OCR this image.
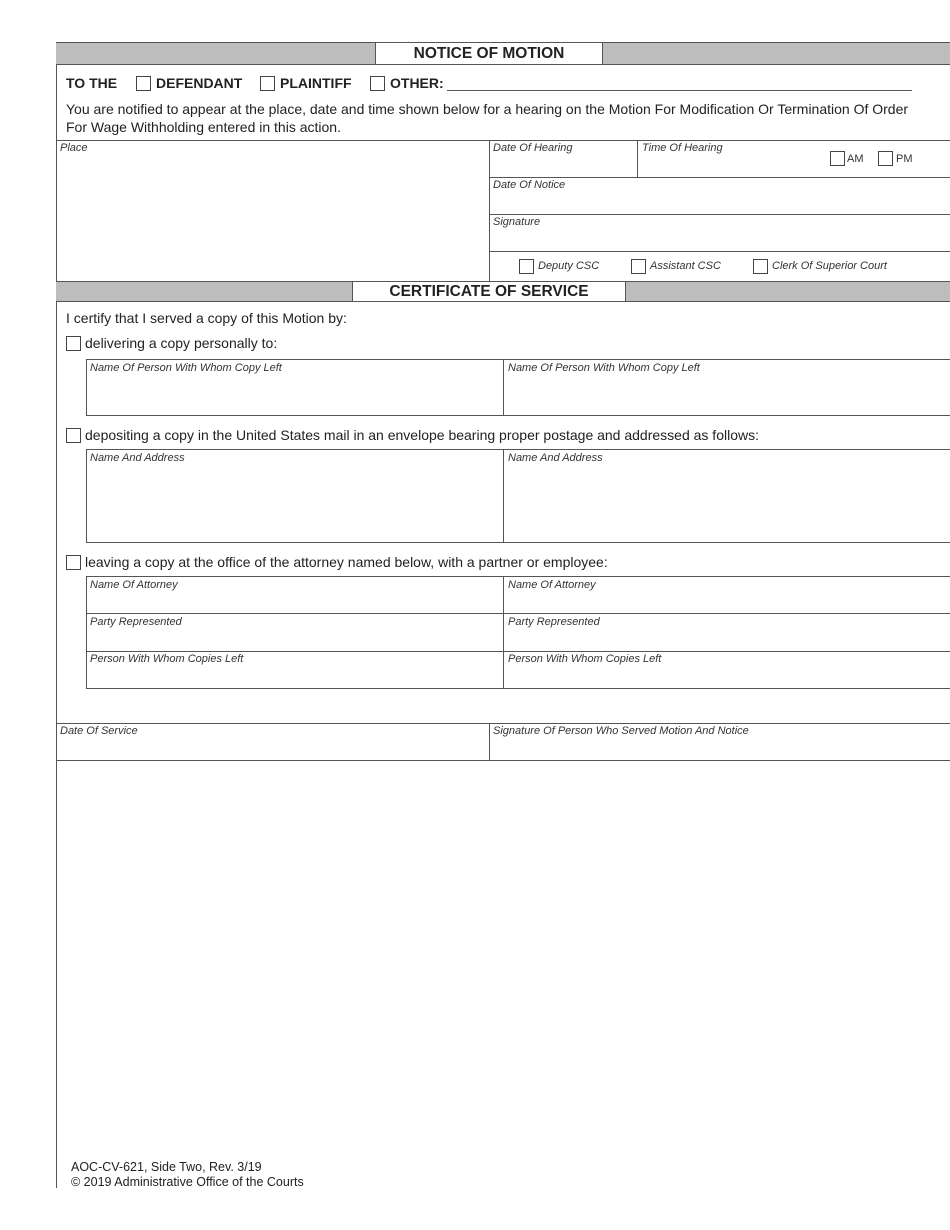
NOTICE OF MOTION
TO THE	DEFENDANT	PLAINTIFF	OTHER:
You are notified to appear at the place, date and time shown below for a hearing on the Motion For Modification Or Termination Of Order For Wage Withholding entered in this action.
Place	Date Of Hearing	Time Of Hearing
AM	PM
Date Of Notice
Signature
Deputy CSC	Assistant CSC	Clerk Of Superior Court
CERTIFICATE OF SERVICE
I certify that I served a copy of this Motion by:
delivering a copy personally to:
Name Of Person With Whom Copy Left	Name Of Person With Whom Copy Left
depositing a copy in the United States mail in an envelope bearing proper postage and addressed as follows:
Name And Address	Name And Address
leaving a copy at the office of the attorney named below, with a partner or employee:
Name Of Attorney	Name Of Attorney
Party Represented	Party Represented
Person With Whom Copies Left	Person With Whom Copies Left
Date Of Service	Signature Of Person Who Served Motion And Notice
AOC-CV-621, Side Two, Rev. 3/19
© 2019 Administrative Office of the Courts
